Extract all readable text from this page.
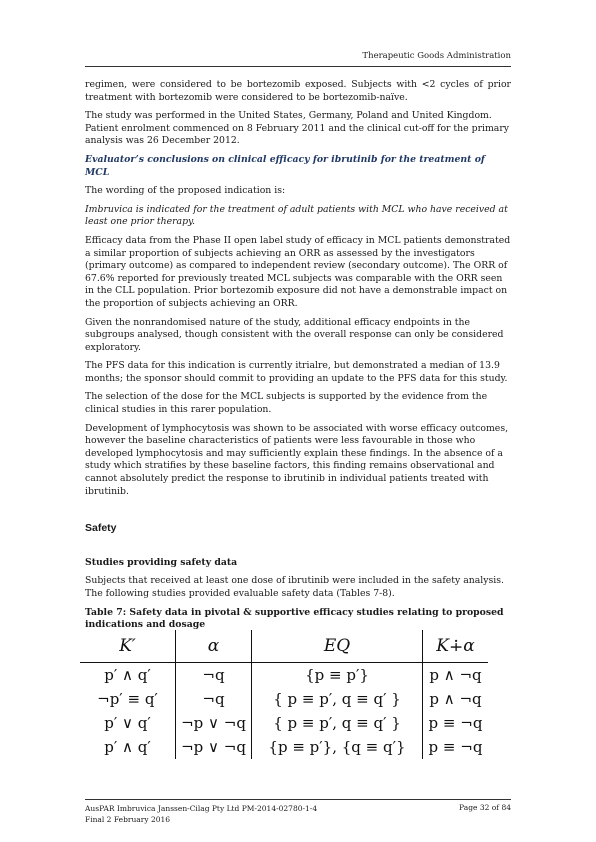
Therapeutic Goods Administration

regimen, were considered to be bortezomib exposed. Subjects with <2 cycles of prior treatment with bortezomib were considered to be bortezomib-naïve.

The study was performed in the United States, Germany, Poland and United Kingdom. Patient enrolment commenced on 8 February 2011 and the clinical cut-off for the primary analysis was 26 December 2012.

Evaluator’s conclusions on clinical efficacy for ibrutinib for the treatment of MCL

The wording of the proposed indication is:

Imbruvica is indicated for the treatment of adult patients with MCL who have received at least one prior therapy.

Efficacy data from the Phase II open label study of efficacy in MCL patients demonstrated a similar proportion of subjects achieving an ORR as assessed by the investigators (primary outcome) as compared to independent review (secondary outcome). The ORR of 67.6% reported for previously treated MCL subjects was comparable with the ORR seen in the CLL population. Prior bortezomib exposure did not have a demonstrable impact on the proportion of subjects achieving an ORR.

Given the nonrandomised nature of the study, additional efficacy endpoints in the subgroups analysed, though consistent with the overall response can only be considered exploratory.

The PFS data for this indication is currently itrialre, but demonstrated a median of 13.9 months; the sponsor should commit to providing an update to the PFS data for this study.

The selection of the dose for the MCL subjects is supported by the evidence from the clinical studies in this rarer population.

Development of lymphocytosis was shown to be associated with worse efficacy outcomes, however the baseline characteristics of patients were less favourable in those who developed lymphocytosis and may sufficiently explain these findings. In the absence of a study which stratifies by these baseline factors, this finding remains observational and cannot absolutely predict the response to ibrutinib in individual patients treated with ibrutinib.

Safety

Studies providing safety data

Subjects that received at least one dose of ibrutinib were included in the safety analysis. The following studies provided evaluable safety data (Tables 7-8).

Table 7: Safety data in pivotal & supportive efficacy studies relating to proposed indications and dosage

K′	α	EQ	K∔α
p′ ∧ q′	¬q	{p ≡ p′}	p ∧ ¬q
¬p′ ≡ q′	¬q	{ p ≡ p′, q ≡ q′ }	p ∧ ¬q
p′ ∨ q′	¬p ∨ ¬q	{ p ≡ p′, q ≡ q′ }	p ≡ ¬q
p′ ∧ q′	¬p ∨ ¬q	{p ≡ p′}, {q ≡ q′}	p ≡ ¬q
AusPAR Imbruvica Janssen-Cilag Pty Ltd PM-2014-02780-1-4
Final 2 February 2016
Page 32 of 84
